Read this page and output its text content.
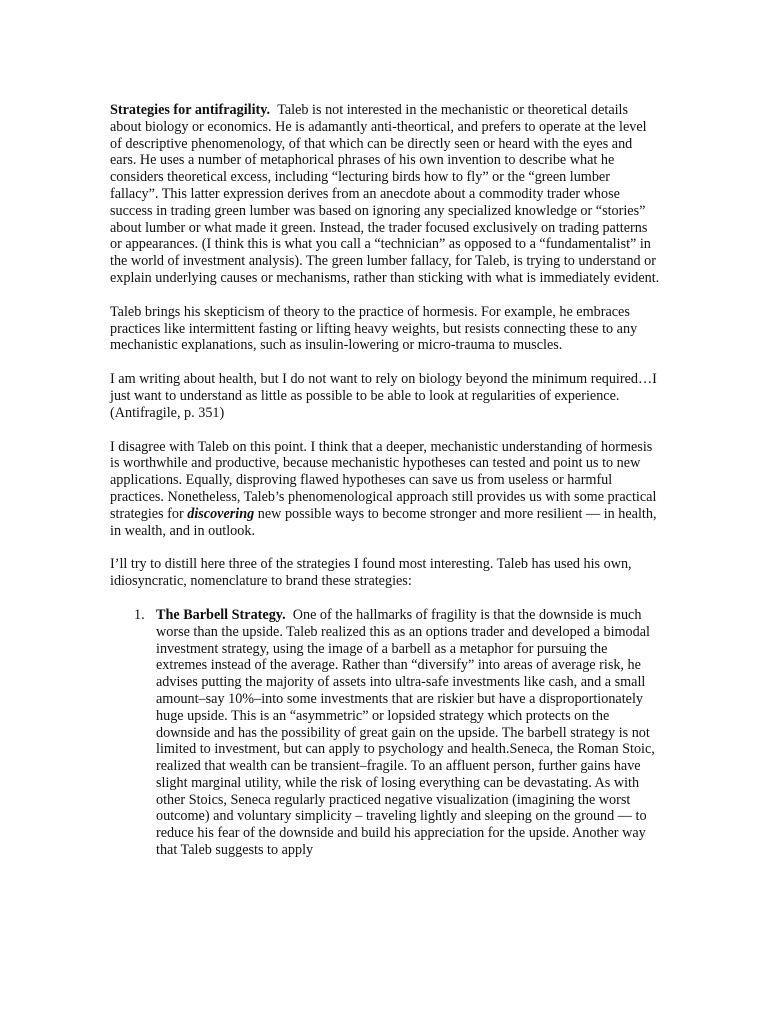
Strategies for antifragility. Taleb is not interested in the mechanistic or theoretical details about biology or economics. He is adamantly anti-theortical, and prefers to operate at the level of descriptive phenomenology, of that which can be directly seen or heard with the eyes and ears. He uses a number of metaphorical phrases of his own invention to describe what he considers theoretical excess, including “lecturing birds how to fly” or the “green lumber fallacy”. This latter expression derives from an anecdote about a commodity trader whose success in trading green lumber was based on ignoring any specialized knowledge or “stories” about lumber or what made it green. Instead, the trader focused exclusively on trading patterns or appearances. (I think this is what you call a “technician” as opposed to a “fundamentalist” in the world of investment analysis). The green lumber fallacy, for Taleb, is trying to understand or explain underlying causes or mechanisms, rather than sticking with what is immediately evident.

Taleb brings his skepticism of theory to the practice of hormesis. For example, he embraces practices like intermittent fasting or lifting heavy weights, but resists connecting these to any mechanistic explanations, such as insulin-lowering or micro-trauma to muscles.

I am writing about health, but I do not want to rely on biology beyond the minimum required…I just want to understand as little as possible to be able to look at regularities of experience. (Antifragile, p. 351)

I disagree with Taleb on this point. I think that a deeper, mechanistic understanding of hormesis is worthwhile and productive, because mechanistic hypotheses can tested and point us to new applications. Equally, disproving flawed hypotheses can save us from useless or harmful practices. Nonetheless, Taleb’s phenomenological approach still provides us with some practical strategies for discovering new possible ways to become stronger and more resilient — in health, in wealth, and in outlook.

I’ll try to distill here three of the strategies I found most interesting. Taleb has used his own, idiosyncratic, nomenclature to brand these strategies:

1. The Barbell Strategy. One of the hallmarks of fragility is that the downside is much worse than the upside. Taleb realized this as an options trader and developed a bimodal investment strategy, using the image of a barbell as a metaphor for pursuing the extremes instead of the average. Rather than “diversify” into areas of average risk, he advises putting the majority of assets into ultra-safe investments like cash, and a small amount–say 10%–into some investments that are riskier but have a disproportionately huge upside. This is an “asymmetric” or lopsided strategy which protects on the downside and has the possibility of great gain on the upside. The barbell strategy is not limited to investment, but can apply to psychology and health.Seneca, the Roman Stoic, realized that wealth can be transient–fragile. To an affluent person, further gains have slight marginal utility, while the risk of losing everything can be devastating. As with other Stoics, Seneca regularly practiced negative visualization (imagining the worst outcome) and voluntary simplicity – traveling lightly and sleeping on the ground — to reduce his fear of the downside and build his appreciation for the upside. Another way that Taleb suggests to apply
